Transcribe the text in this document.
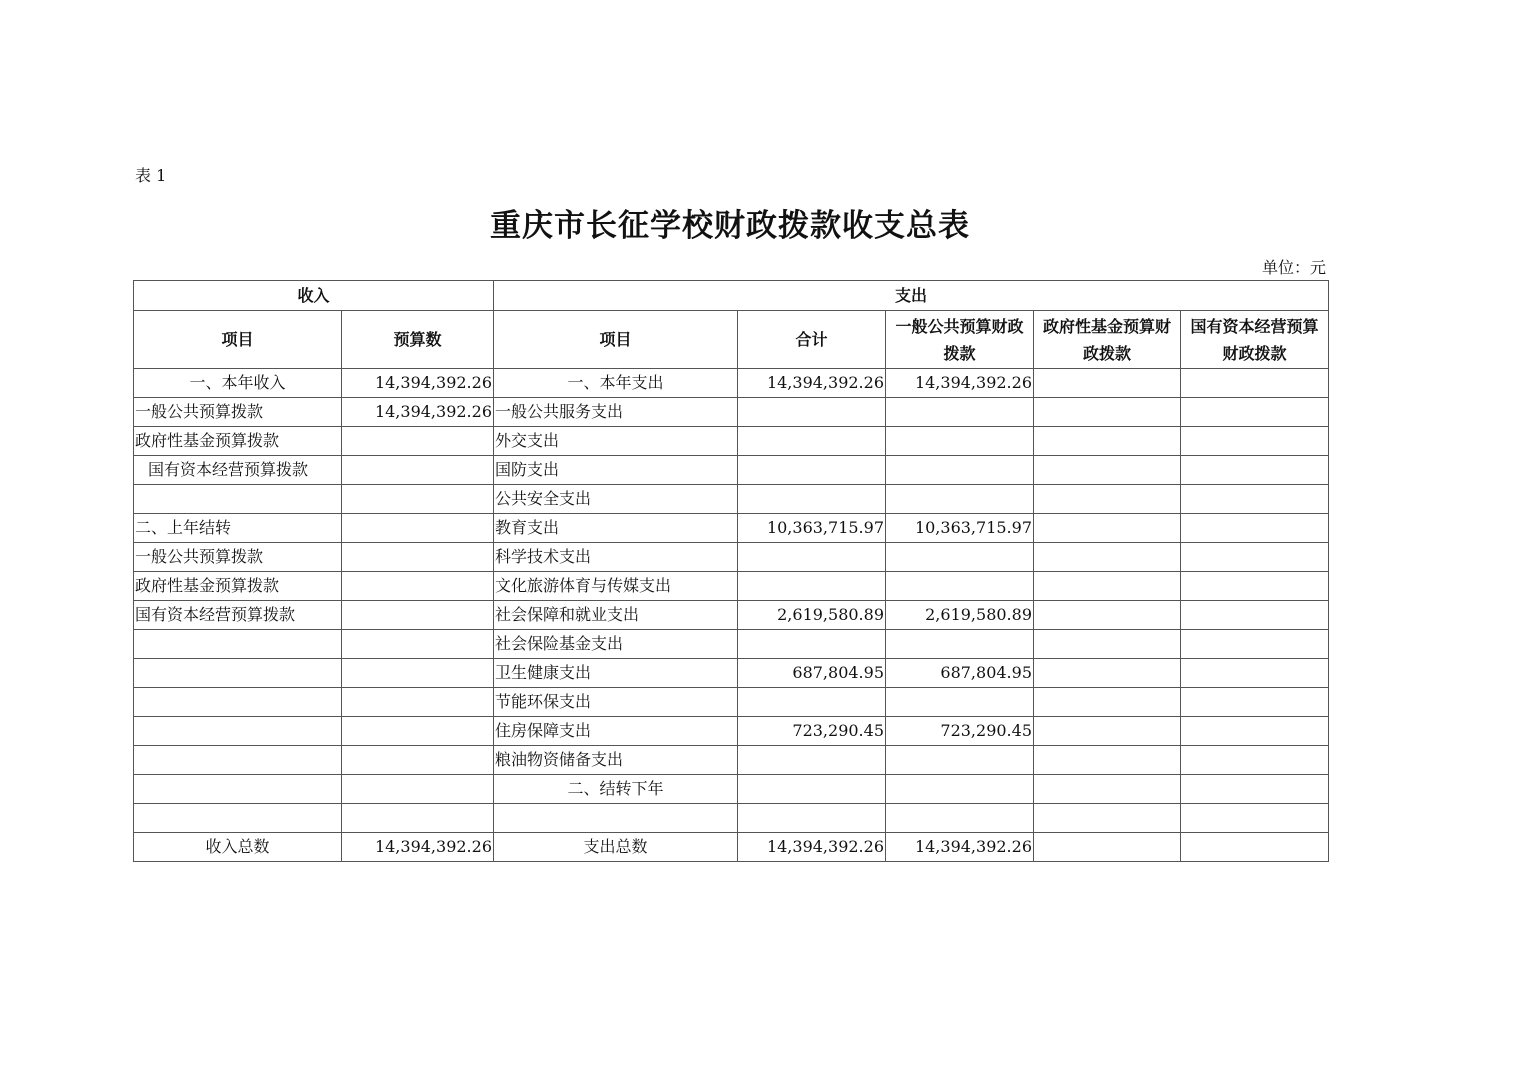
表 1
重庆市长征学校财政拨款收支总表
单位：元
收入		支出				
项目	预算数	项目	合计	一般公共预算财政拨款	政府性基金预算财政拨款	国有资本经营预算财政拨款
一、本年收入	14,394,392.26	一、本年支出	14,394,392.26	14,394,392.26		
一般公共预算拨款	14,394,392.26	一般公共服务支出				
政府性基金预算拨款		外交支出				
国有资本经营预算拨款		国防支出				
		公共安全支出				
二、上年结转		教育支出	10,363,715.97	10,363,715.97		
一般公共预算拨款		科学技术支出				
政府性基金预算拨款		文化旅游体育与传媒支出				
国有资本经营预算拨款		社会保障和就业支出	2,619,580.89	2,619,580.89		
		社会保险基金支出				
		卫生健康支出	687,804.95	687,804.95		
		节能环保支出				
		住房保障支出	723,290.45	723,290.45		
		粮油物资储备支出				
		二、结转下年				

收入总数	14,394,392.26	支出总数	14,394,392.26	14,394,392.26		
